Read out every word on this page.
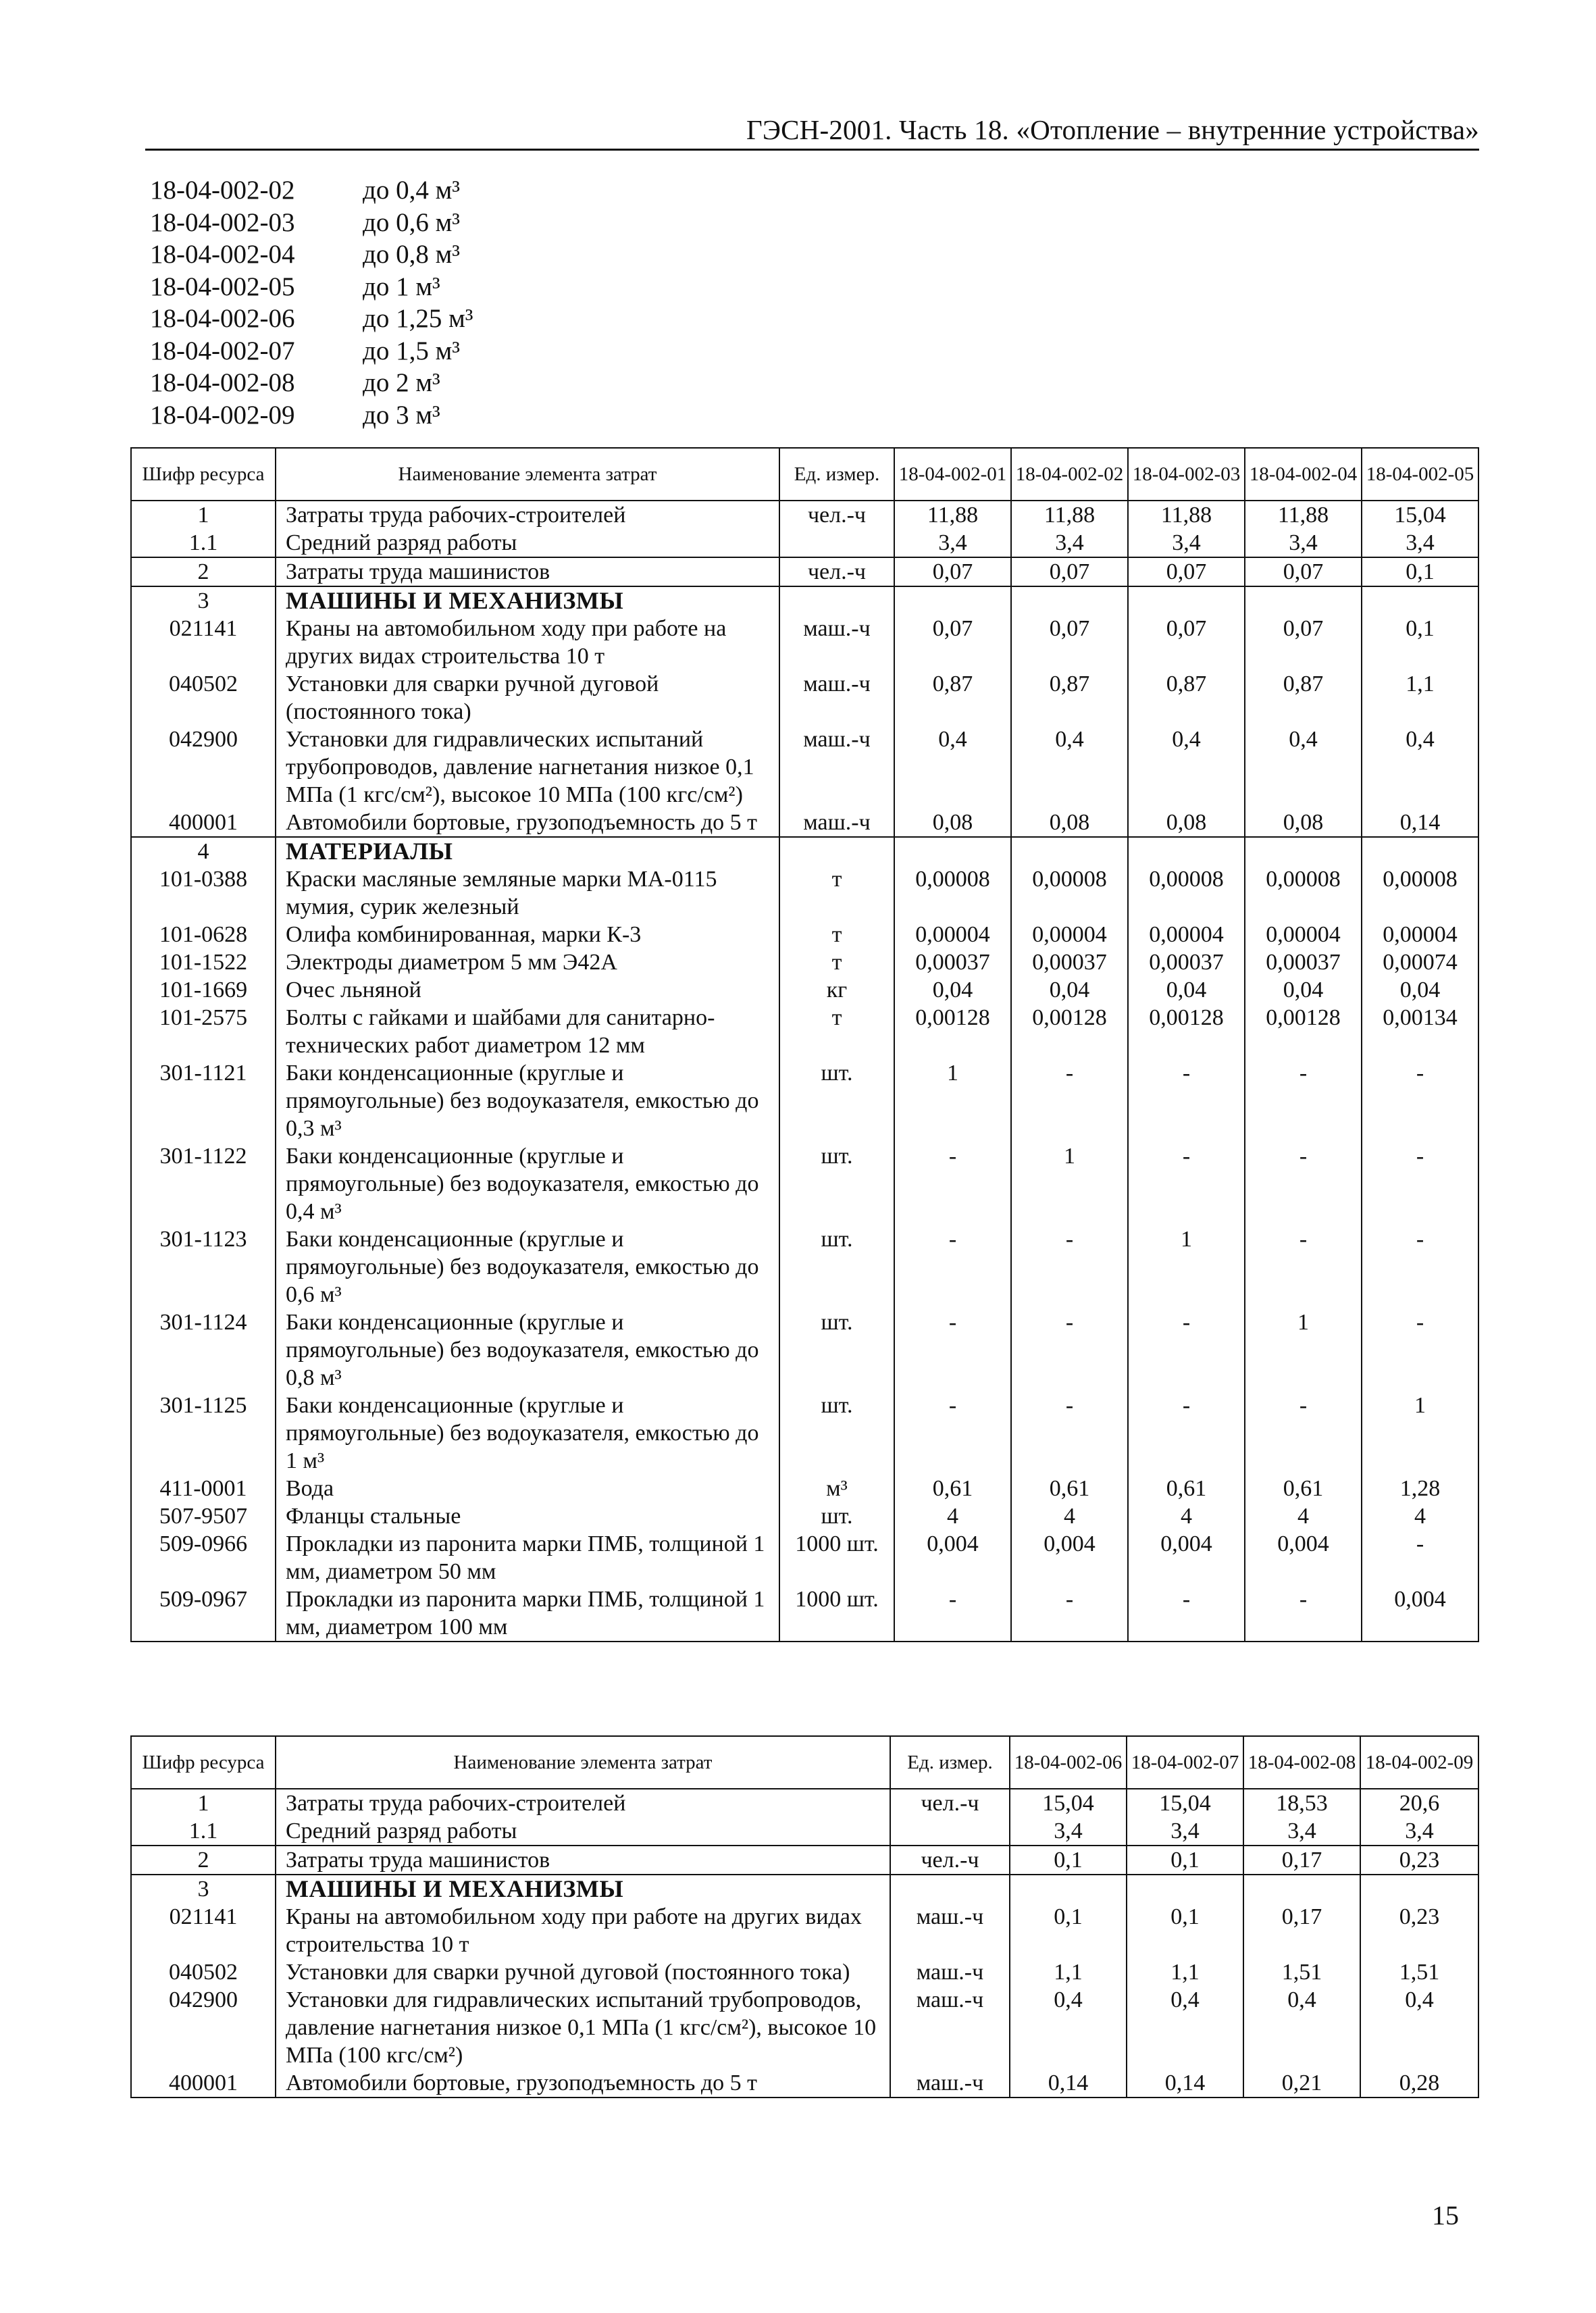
ГЭСН-2001. Часть 18. «Отопление – внутренние устройства»
18-04-002-02	до 0,4 м³
18-04-002-03	до 0,6 м³
18-04-002-04	до 0,8 м³
18-04-002-05	до 1 м³
18-04-002-06	до 1,25 м³
18-04-002-07	до 1,5 м³
18-04-002-08	до 2 м³
18-04-002-09	до 3 м³
Шифр ресурса	Наименование элемента затрат	Ед. измер.	18-04-002-01	18-04-002-02	18-04-002-03	18-04-002-04	18-04-002-05
1	Затраты труда рабочих-строителей	чел.-ч	11,88	11,88	11,88	11,88	15,04
1.1	Средний разряд работы		3,4	3,4	3,4	3,4	3,4
2	Затраты труда машинистов	чел.-ч	0,07	0,07	0,07	0,07	0,1
3	МАШИНЫ И МЕХАНИЗМЫ						
021141	Краны на автомобильном ходу при работе на других видах строительства 10 т	маш.-ч	0,07	0,07	0,07	0,07	0,1
040502	Установки для сварки ручной дуговой (постоянного тока)	маш.-ч	0,87	0,87	0,87	0,87	1,1
042900	Установки для гидравлических испытаний трубопроводов, давление нагнетания низкое 0,1 МПа (1 кгс/см²), высокое 10 МПа (100 кгс/см²)	маш.-ч	0,4	0,4	0,4	0,4	0,4
400001	Автомобили бортовые, грузоподъемность до 5 т	маш.-ч	0,08	0,08	0,08	0,08	0,14
4	МАТЕРИАЛЫ						
101-0388	Краски масляные земляные марки МА-0115 мумия, сурик железный	т	0,00008	0,00008	0,00008	0,00008	0,00008
101-0628	Олифа комбинированная, марки К-3	т	0,00004	0,00004	0,00004	0,00004	0,00004
101-1522	Электроды диаметром 5 мм Э42А	т	0,00037	0,00037	0,00037	0,00037	0,00074
101-1669	Очес льняной	кг	0,04	0,04	0,04	0,04	0,04
101-2575	Болты с гайками и шайбами для санитарно-технических работ диаметром 12 мм	т	0,00128	0,00128	0,00128	0,00128	0,00134
301-1121	Баки конденсационные (круглые и прямоугольные) без водоуказателя, емкостью до 0,3 м³	шт.	1	-	-	-	-
301-1122	Баки конденсационные (круглые и прямоугольные) без водоуказателя, емкостью до 0,4 м³	шт.	-	1	-	-	-
301-1123	Баки конденсационные (круглые и прямоугольные) без водоуказателя, емкостью до 0,6 м³	шт.	-	-	1	-	-
301-1124	Баки конденсационные (круглые и прямоугольные) без водоуказателя, емкостью до 0,8 м³	шт.	-	-	-	1	-
301-1125	Баки конденсационные (круглые и прямоугольные) без водоуказателя, емкостью до 1 м³	шт.	-	-	-	-	1
411-0001	Вода	м³	0,61	0,61	0,61	0,61	1,28
507-9507	Фланцы стальные	шт.	4	4	4	4	4
509-0966	Прокладки из паронита марки ПМБ, толщиной 1 мм, диаметром 50 мм	1000 шт.	0,004	0,004	0,004	0,004	-
509-0967	Прокладки из паронита марки ПМБ, толщиной 1 мм, диаметром 100 мм	1000 шт.	-	-	-	-	0,004
Шифр ресурса	Наименование элемента затрат	Ед. измер.	18-04-002-06	18-04-002-07	18-04-002-08	18-04-002-09
1	Затраты труда рабочих-строителей	чел.-ч	15,04	15,04	18,53	20,6
1.1	Средний разряд работы		3,4	3,4	3,4	3,4
2	Затраты труда машинистов	чел.-ч	0,1	0,1	0,17	0,23
3	МАШИНЫ И МЕХАНИЗМЫ					
021141	Краны на автомобильном ходу при работе на других видах строительства 10 т	маш.-ч	0,1	0,1	0,17	0,23
040502	Установки для сварки ручной дуговой (постоянного тока)	маш.-ч	1,1	1,1	1,51	1,51
042900	Установки для гидравлических испытаний трубопроводов, давление нагнетания низкое 0,1 МПа (1 кгс/см²), высокое 10 МПа (100 кгс/см²)	маш.-ч	0,4	0,4	0,4	0,4
400001	Автомобили бортовые, грузоподъемность до 5 т	маш.-ч	0,14	0,14	0,21	0,28
15
